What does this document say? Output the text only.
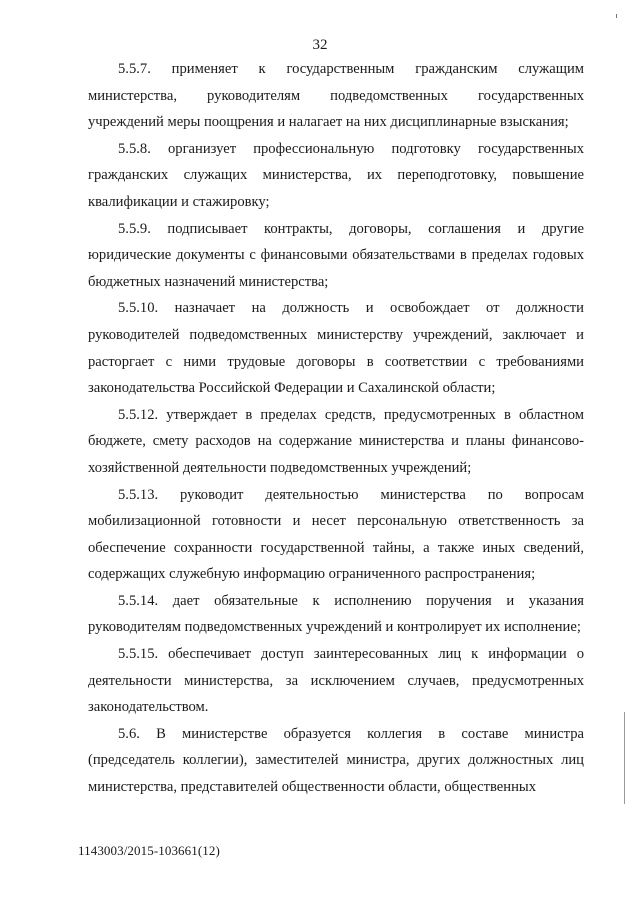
32

5.5.7. применяет к государственным гражданским служащим министерства, руководителям подведомственных государственных учреждений меры поощрения и налагает на них дисциплинарные взыскания;

5.5.8. организует профессиональную подготовку государственных гражданских служащих министерства, их переподготовку, повышение квалификации и стажировку;

5.5.9. подписывает контракты, договоры, соглашения и другие юридические документы с финансовыми обязательствами в пределах годовых бюджетных назначений министерства;

5.5.10. назначает на должность и освобождает от должности руководителей подведомственных министерству учреждений, заключает и расторгает с ними трудовые договоры в соответствии с требованиями законодательства Российской Федерации и Сахалинской области;

5.5.12. утверждает в пределах средств, предусмотренных в областном бюджете, смету расходов на содержание министерства и планы финансово-хозяйственной деятельности подведомственных учреждений;

5.5.13. руководит деятельностью министерства по вопросам мобилизационной готовности и несет персональную ответственность за обеспечение сохранности государственной тайны, а также иных сведений, содержащих служебную информацию ограниченного распространения;

5.5.14. дает обязательные к исполнению поручения и указания руководителям подведомственных учреждений и контролирует их исполнение;

5.5.15. обеспечивает доступ заинтересованных лиц к информации о деятельности министерства, за исключением случаев, предусмотренных законодательством.

5.6. В министерстве образуется коллегия в составе министра (председатель коллегии), заместителей министра, других должностных лиц министерства, представителей общественности области, общественных

1143003/2015-103661(12)
